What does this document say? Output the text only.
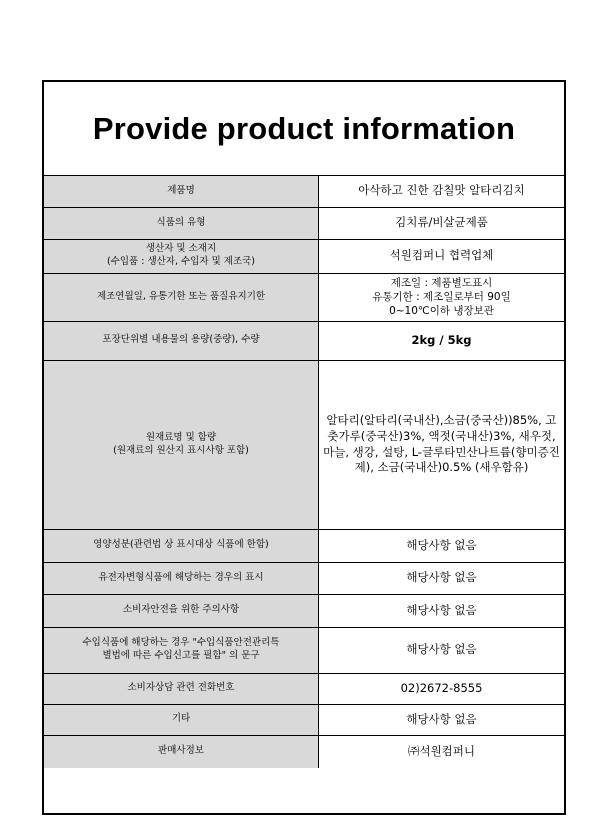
Provide product information
제품명	아삭하고 진한 감칠맛 알타리김치
식품의 유형	김치류/비살균제품
생산자 및 소재지
(수입품 : 생산자, 수입자 및 제조국)	석원컴퍼니 협력업체
제조연월일, 유통기한 또는 품질유지기한	제조일 : 제품별도표시
유통기한 : 제조일로부터 90일
0~10℃이하 냉장보관
포장단위별 내용물의 용량(중량), 수량	2kg / 5kg
원재료명 및 함량
(원재료의 원산지 표시사항 포함)	알타리(알타리(국내산),소금(중국산))85%, 고춧가루(중국산)3%, 액젓(국내산)3%, 새우젓, 마늘, 생강, 설탕, L-글루타민산나트륨(향미증진제), 소금(국내산)0.5% (새우함유)
영양성분(관련법 상 표시대상 식품에 한함)	해당사항 없음
유전자변형식품에 해당하는 경우의 표시	해당사항 없음
소비자안전을 위한 주의사항	해당사항 없음
수입식품에 해당하는 경우 "수입식품안전관리특
별법에 따른 수입신고를 필함" 의 문구	해당사항 없음
소비자상담 관련 전화번호	02)2672-8555
기타	해당사항 없음
판매사정보	㈜석원컴퍼니
